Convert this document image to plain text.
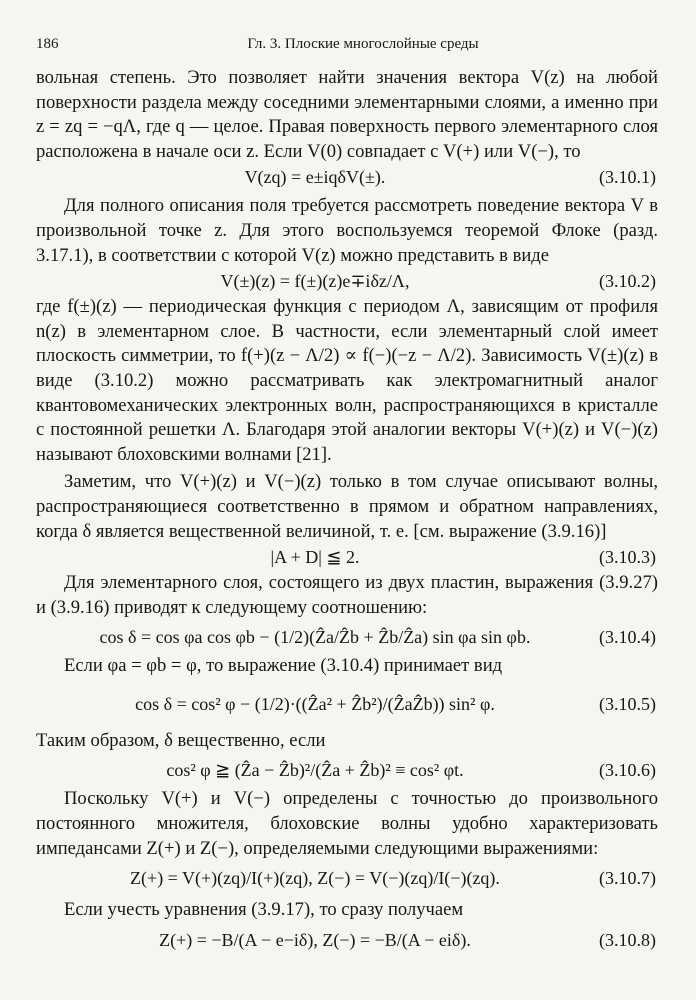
186	Гл. 3. Плоские многослойные среды

вольная степень. Это позволяет найти значения вектора V(z) на любой поверхности раздела между соседними элементарными слоями, а именно при z = zq = −qΛ, где q — целое. Правая поверхность первого элементарного слоя расположена в начале оси z. Если V(0) совпадает с V(+) или V(−), то

V(zq) = e±iqδV(±).	(3.10.1)

Для полного описания поля требуется рассмотреть поведение вектора V в произвольной точке z. Для этого воспользуемся теоремой Флоке (разд. 3.17.1), в соответствии с которой V(z) можно представить в виде

V(±)(z) = f(±)(z)e∓iδz/Λ,	(3.10.2)

где f(±)(z) — периодическая функция с периодом Λ, зависящим от профиля n(z) в элементарном слое. В частности, если элементарный слой имеет плоскость симметрии, то f(+)(z − Λ/2) ∝ f(−)(−z − Λ/2). Зависимость V(±)(z) в виде (3.10.2) можно рассматривать как электромагнитный аналог квантовомеханических электронных волн, распространяющихся в кристалле с постоянной решетки Λ. Благодаря этой аналогии векторы V(+)(z) и V(−)(z) называют блоховскими волнами [21].

Заметим, что V(+)(z) и V(−)(z) только в том случае описывают волны, распространяющиеся соответственно в прямом и обратном направлениях, когда δ является вещественной величиной, т. е. [см. выражение (3.9.16)]

|A + D| ≦ 2.	(3.10.3)

Для элементарного слоя, состоящего из двух пластин, выражения (3.9.27) и (3.9.16) приводят к следующему соотношению:

cos δ = cos φa cos φb − (1/2)(Ẑa/Ẑb + Ẑb/Ẑa) sin φa sin φb.	(3.10.4)

Если φa = φb = φ, то выражение (3.10.4) принимает вид

cos δ = cos² φ − (1/2)·((Ẑa² + Ẑb²)/(ẐaẐb)) sin² φ.	(3.10.5)

Таким образом, δ вещественно, если

cos² φ ≧ (Ẑa − Ẑb)²/(Ẑa + Ẑb)² ≡ cos² φt.	(3.10.6)

Поскольку V(+) и V(−) определены с точностью до произвольного постоянного множителя, блоховские волны удобно характеризовать импедансами Z(+) и Z(−), определяемыми следующими выражениями:

Z(+) = V(+)(zq)/I(+)(zq), Z(−) = V(−)(zq)/I(−)(zq).	(3.10.7)

Если учесть уравнения (3.9.17), то сразу получаем

Z(+) = −B/(A − e−iδ), Z(−) = −B/(A − eiδ).	(3.10.8)
